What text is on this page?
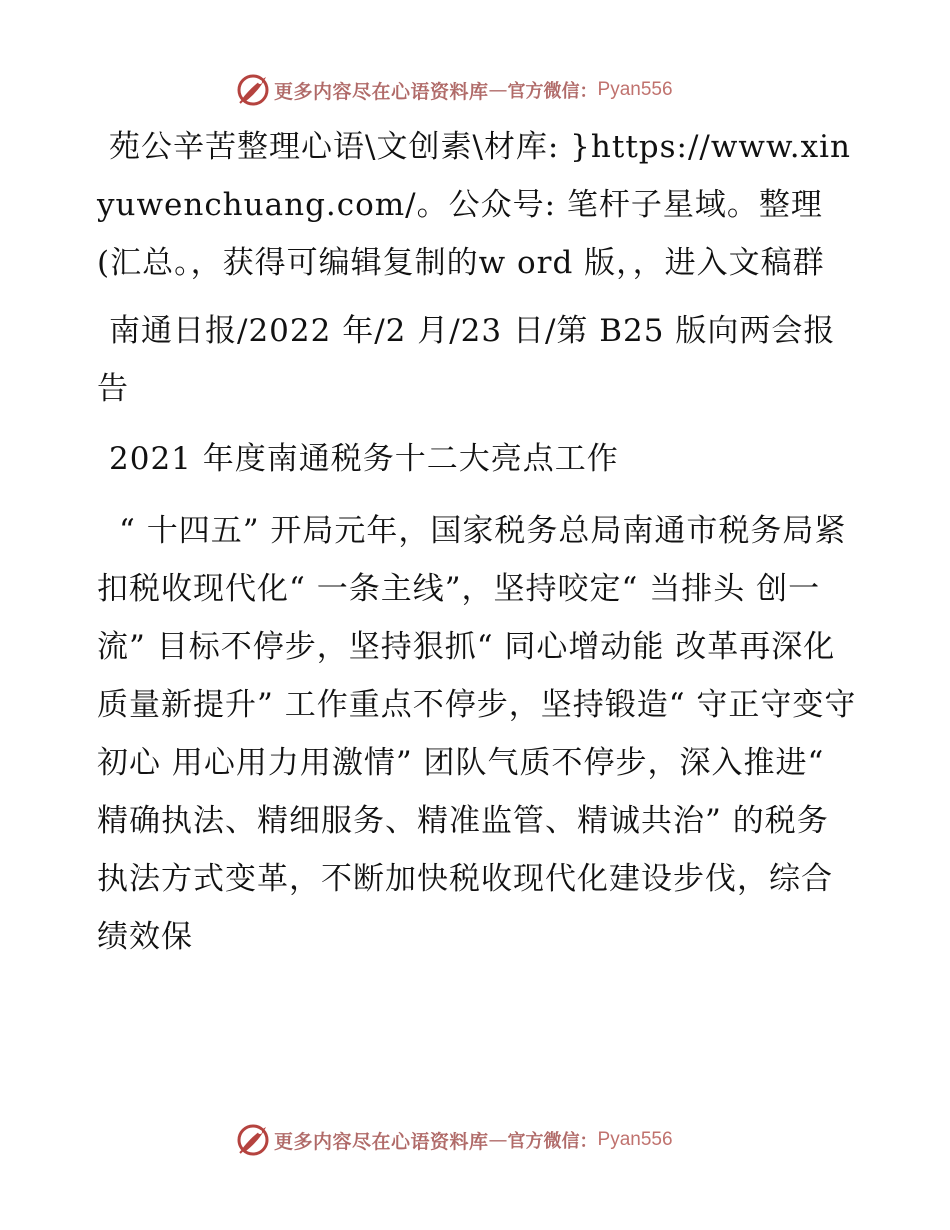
更多内容尽在心语资料库 — 官方微信： Pyan556

苑公辛苦整理心语\文创素\材库: }https://www.xinyuwenchuang.com/。公众号: 笔杆子星域。整理(汇总。，获得可编辑复制的w ord 版，，进入文稿群

南通日报/2022 年/2 月/23 日/第 B25 版向两会报告

2021 年度南通税务十二大亮点工作

“ 十四五” 开局元年，国家税务总局南通市税务局紧扣税收现代化“ 一条主线”，坚持咬定“ 当排头 创一流” 目标不停步，坚持狠抓“ 同心增动能 改革再深化 质量新提升” 工作重点不停步，坚持锻造“ 守正守变守初心 用心用力用激情” 团队气质不停步，深入推进“ 精确执法、精细服务、精准监管、精诚共治” 的税务执法方式变革，不断加快税收现代化建设步伐，综合绩效保

更多内容尽在心语资料库 — 官方微信： Pyan556
